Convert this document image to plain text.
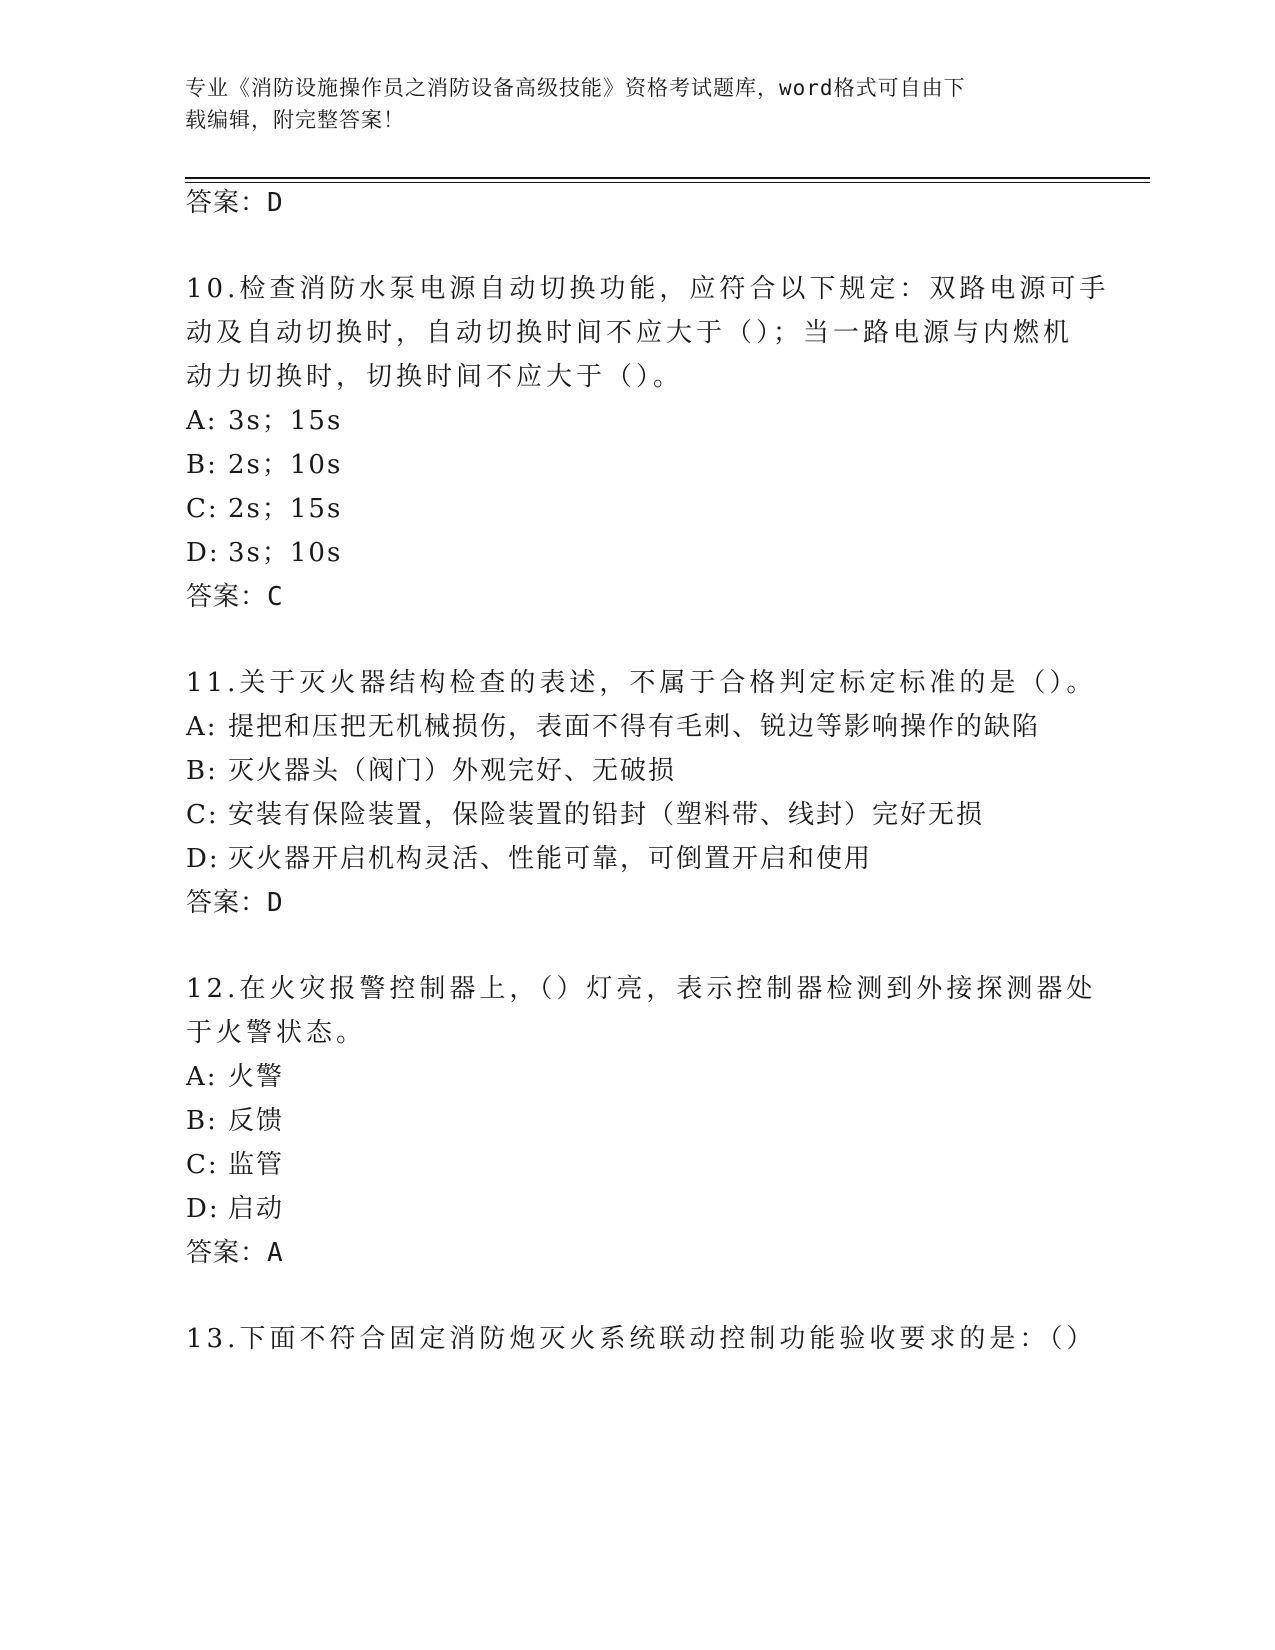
专业《消防设施操作员之消防设备高级技能》资格考试题库，word格式可自由下
载编辑，附完整答案！
答案：D
10.检查消防水泵电源自动切换功能，应符合以下规定：双路电源可手
动及自动切换时，自动切换时间不应大于（）；当一路电源与内燃机
动力切换时，切换时间不应大于（）。
A: 3s；15s
B: 2s；10s
C: 2s；15s
D: 3s；10s
答案：C
11.关于灭火器结构检查的表述，不属于合格判定标定标准的是（）。
A: 提把和压把无机械损伤，表面不得有毛刺、锐边等影响操作的缺陷
B: 灭火器头（阀门）外观完好、无破损
C: 安装有保险装置，保险装置的铅封（塑料带、线封）完好无损
D: 灭火器开启机构灵活、性能可靠，可倒置开启和使用
答案：D
12.在火灾报警控制器上，（）灯亮，表示控制器检测到外接探测器处
于火警状态。
A: 火警
B: 反馈
C: 监管
D: 启动
答案：A
13.下面不符合固定消防炮灭火系统联动控制功能验收要求的是：（）
